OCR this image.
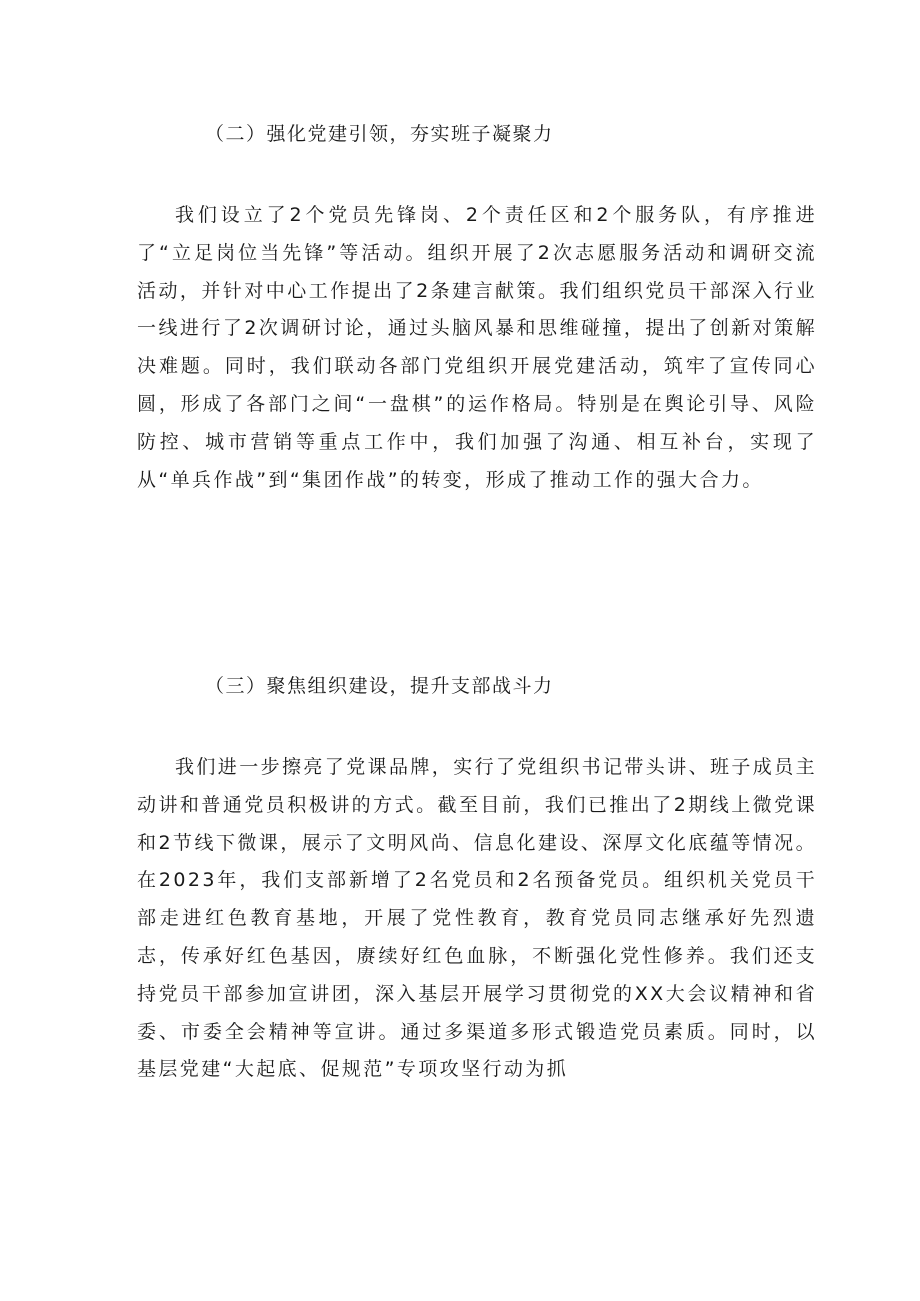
（二）强化党建引领，夯实班子凝聚力

我们设立了2个党员先锋岗、2个责任区和2个服务队，有序推进了“立足岗位当先锋”等活动。组织开展了2次志愿服务活动和调研交流活动，并针对中心工作提出了2条建言献策。我们组织党员干部深入行业一线进行了2次调研讨论，通过头脑风暴和思维碰撞，提出了创新对策解决难题。同时，我们联动各部门党组织开展党建活动，筑牢了宣传同心圆，形成了各部门之间“一盘棋”的运作格局。特别是在舆论引导、风险防控、城市营销等重点工作中，我们加强了沟通、相互补台，实现了从“单兵作战”到“集团作战”的转变，形成了推动工作的强大合力。

（三）聚焦组织建设，提升支部战斗力

我们进一步擦亮了党课品牌，实行了党组织书记带头讲、班子成员主动讲和普通党员积极讲的方式。截至目前，我们已推出了2期线上微党课和2节线下微课，展示了文明风尚、信息化建设、深厚文化底蕴等情况。在2023年，我们支部新增了2名党员和2名预备党员。组织机关党员干部走进红色教育基地，开展了党性教育，教育党员同志继承好先烈遗志，传承好红色基因，赓续好红色血脉，不断强化党性修养。我们还支持党员干部参加宣讲团，深入基层开展学习贯彻党的XX大会议精神和省委、市委全会精神等宣讲。通过多渠道多形式锻造党员素质。同时，以基层党建“大起底、促规范”专项攻坚行动为抓
